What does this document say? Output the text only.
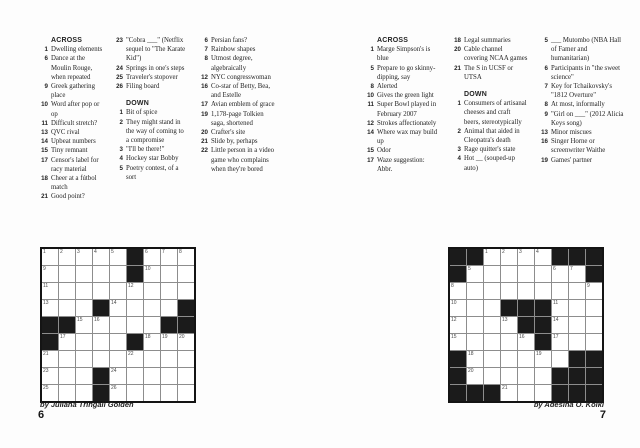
ACROSS
1 Dwelling elements
6 Dance at the Moulin Rouge, when repeated
9 Greek gathering place
10 Word after pop or op
11 Difficult stretch?
13 QVC rival
14 Upbeat numbers
15 Tiny remnant
17 Censor's label for racy material
18 Cheer at a fútbol match
21 Good point?
23 "Cobra ___" (Netflix sequel to "The Karate Kid")
24 Springs in one's steps
25 Traveler's stopover
26 Filing board
DOWN
1 Bit of spice
2 They might stand in the way of coming to a compromise
3 "I'll be there!"
4 Hockey star Bobby
5 Poetry contest, of a sort
6 Persian fans?
7 Rainbow shapes
8 Utmost degree, algebraically
12 NYC congresswoman
16 Co-star of Betty, Bea, and Estelle
17 Avian emblem of grace
19 1,178-page Tolkien saga, shortened
20 Crafter's site
21 Slide by, perhaps
22 Little person in a video game who complains when they're bored
1	2	3	4	5	6	7	8
9	10
11	12
13	14
15 16
17	18 19 20
21	22
23	24
25	26
by Juliana Tringali Golden
6
ACROSS
1 Marge Simpson's is blue
5 Prepare to go skinny-dipping, say
8 Alerted
10 Gives the green light
11 Super Bowl played in February 2007
12 Strokes affectionately
14 Where wax may build up
15 Odor
17 Waze suggestion: Abbr.
18 Legal summaries
20 Cable channel covering NCAA games
21 The S in UCSF or UTSA
DOWN
1 Consumers of artisanal cheeses and craft beers, stereotypically
2 Animal that aided in Cleopatra's death
3 Rage quitter's state
4 Hot __ (souped-up auto)
5 ___ Mutombo (NBA Hall of Famer and humanitarian)
6 Participants in "the sweet science"
7 Key for Tchaikovsky's "1812 Overture"
8 At most, informally
9 "Girl on ___" (2012 Alicia Keys song)
13 Minor miscues
16 Singer Horne or screenwriter Waithe
19 Games' partner
1	2	3	4
5	6	7
8	9
10	11
12	13	14
15	16	17
18	19
20
21
by Adesina O. Koiki
7
